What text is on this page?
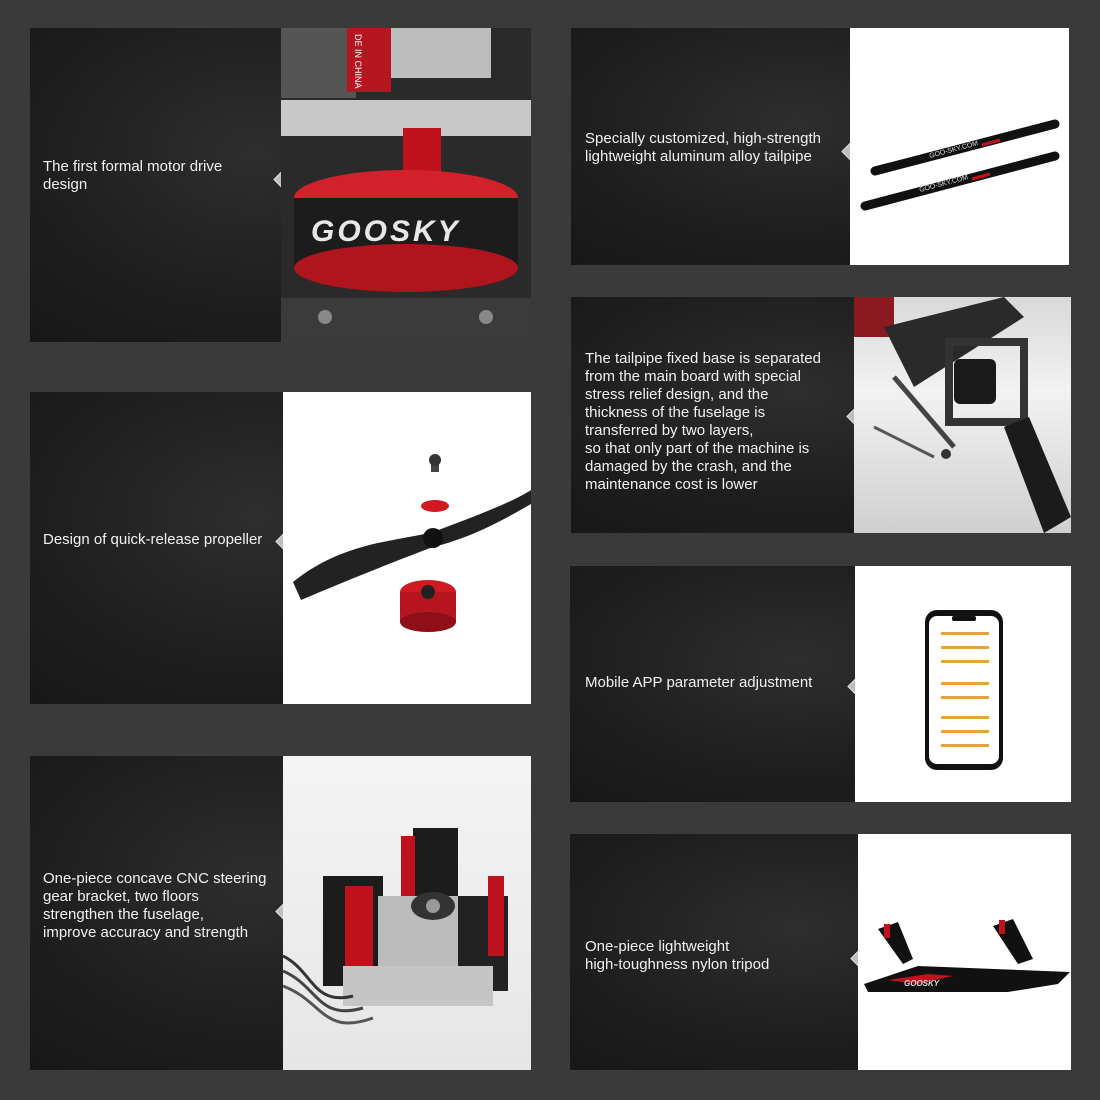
The first formal motor drive
design
DE IN CHINA
GOOSKY
Specially customized, high-strength
lightweight aluminum alloy tailpipe	GOO-SKY.COM
GOO-SKY.COM
The tailpipe fixed base is separated
from the main board with special
stress relief design, and the
thickness of the fuselage is
transferred by two layers,
so that only part of the machine is
damaged by the crash, and the
maintenance cost is lower
Design of quick-release propeller
Mobile APP parameter adjustment
One-piece concave CNC steering
gear bracket, two floors
strengthen the fuselage,
improve accuracy and strength
One-piece lightweight
high-toughness nylon tripod
GOOSKY
